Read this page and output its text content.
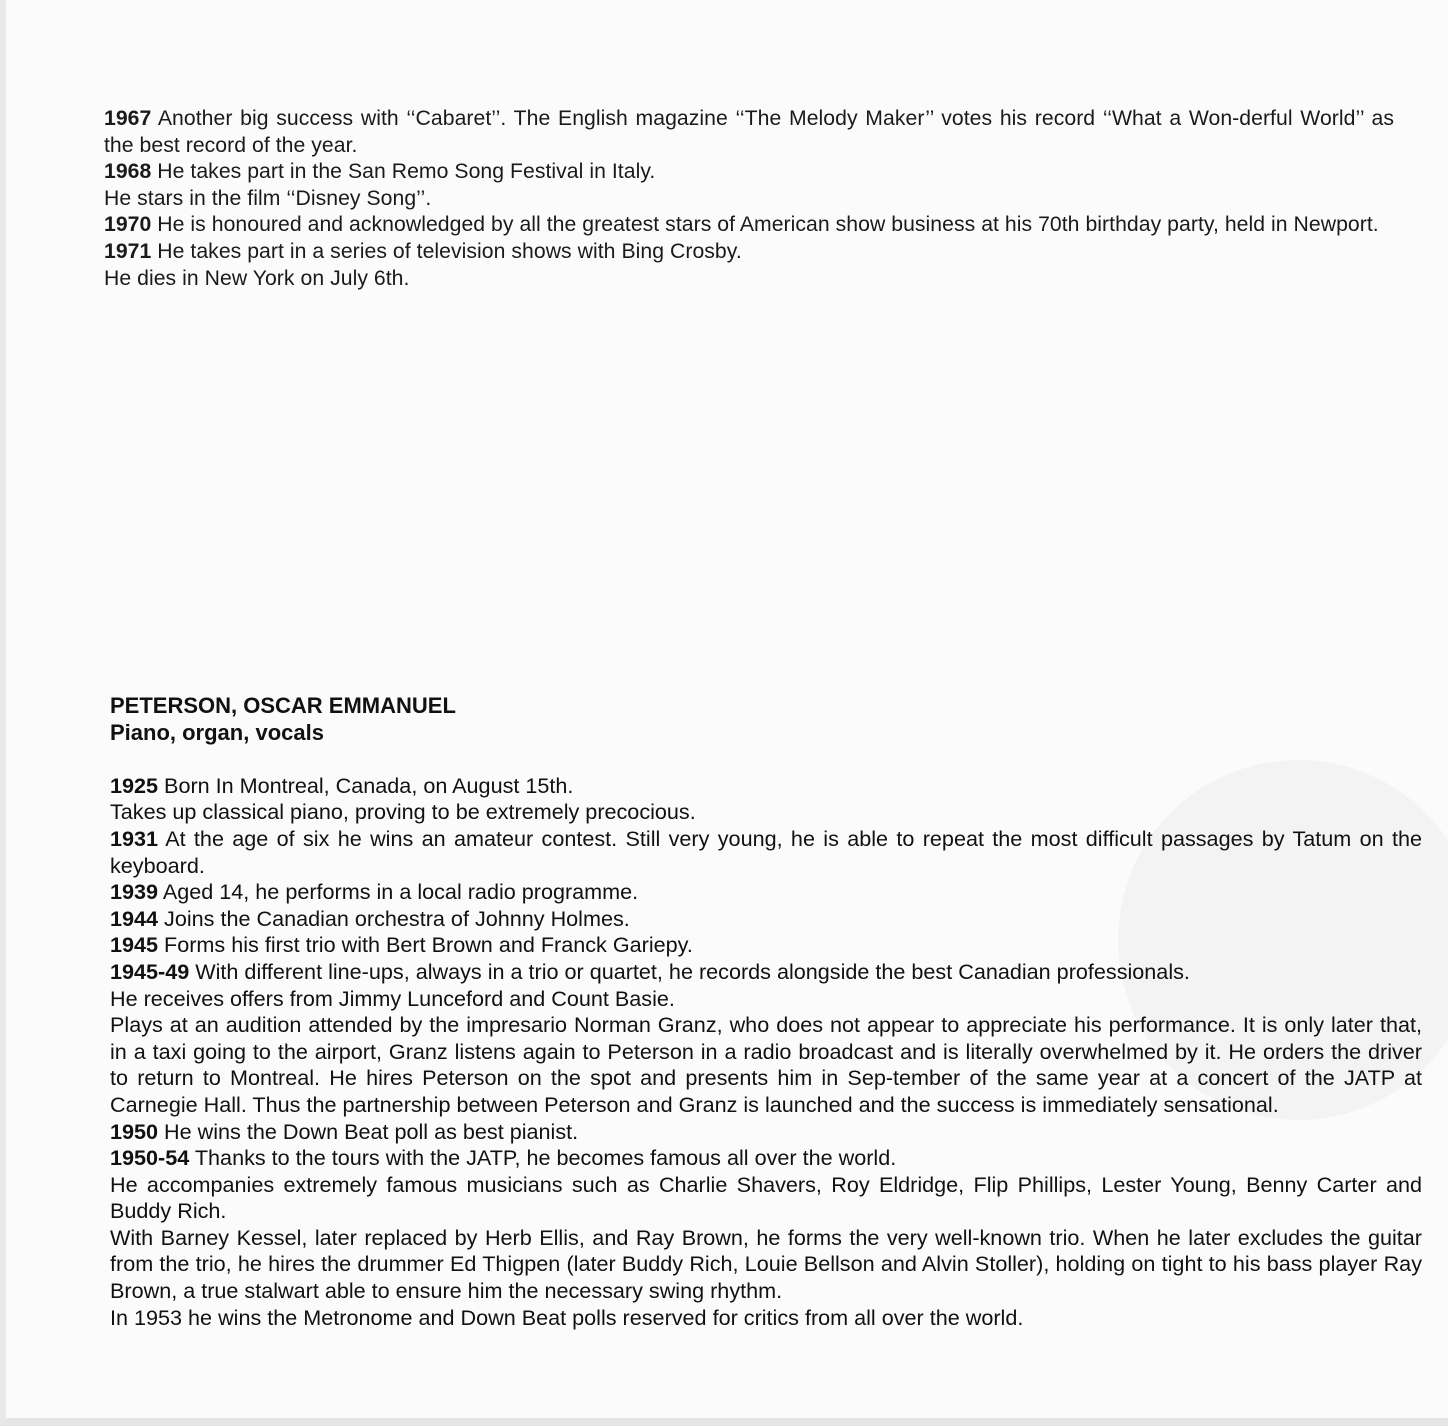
1967 Another big success with ‘‘Cabaret’’. The English magazine ‘‘The Melody Maker’’ votes his record ‘‘What a Won-derful World’’ as the best record of the year.

1968 He takes part in the San Remo Song Festival in Italy.

He stars in the film ‘‘Disney Song’’.

1970 He is honoured and acknowledged by all the greatest stars of American show business at his 70th birthday party, held in Newport.

1971 He takes part in a series of television shows with Bing Crosby.

He dies in New York on July 6th.

PETERSON, OSCAR EMMANUEL
Piano, organ, vocals

1925 Born In Montreal, Canada, on August 15th.

Takes up classical piano, proving to be extremely precocious.

1931 At the age of six he wins an amateur contest. Still very young, he is able to repeat the most difficult passages by Tatum on the keyboard.

1939 Aged 14, he performs in a local radio programme.

1944 Joins the Canadian orchestra of Johnny Holmes.

1945 Forms his first trio with Bert Brown and Franck Gariepy.

1945-49 With different line-ups, always in a trio or quartet, he records alongside the best Canadian professionals.

He receives offers from Jimmy Lunceford and Count Basie.

Plays at an audition attended by the impresario Norman Granz, who does not appear to appreciate his performance. It is only later that, in a taxi going to the airport, Granz listens again to Peterson in a radio broadcast and is literally overwhelmed by it. He orders the driver to return to Montreal. He hires Peterson on the spot and presents him in Sep-tember of the same year at a concert of the JATP at Carnegie Hall. Thus the partnership between Peterson and Granz is launched and the success is immediately sensational.

1950 He wins the Down Beat poll as best pianist.

1950-54 Thanks to the tours with the JATP, he becomes famous all over the world.

He accompanies extremely famous musicians such as Charlie Shavers, Roy Eldridge, Flip Phillips, Lester Young, Benny Carter and Buddy Rich.

With Barney Kessel, later replaced by Herb Ellis, and Ray Brown, he forms the very well-known trio. When he later excludes the guitar from the trio, he hires the drummer Ed Thigpen (later Buddy Rich, Louie Bellson and Alvin Stoller), holding on tight to his bass player Ray Brown, a true stalwart able to ensure him the necessary swing rhythm.

In 1953 he wins the Metronome and Down Beat polls reserved for critics from all over the world.
